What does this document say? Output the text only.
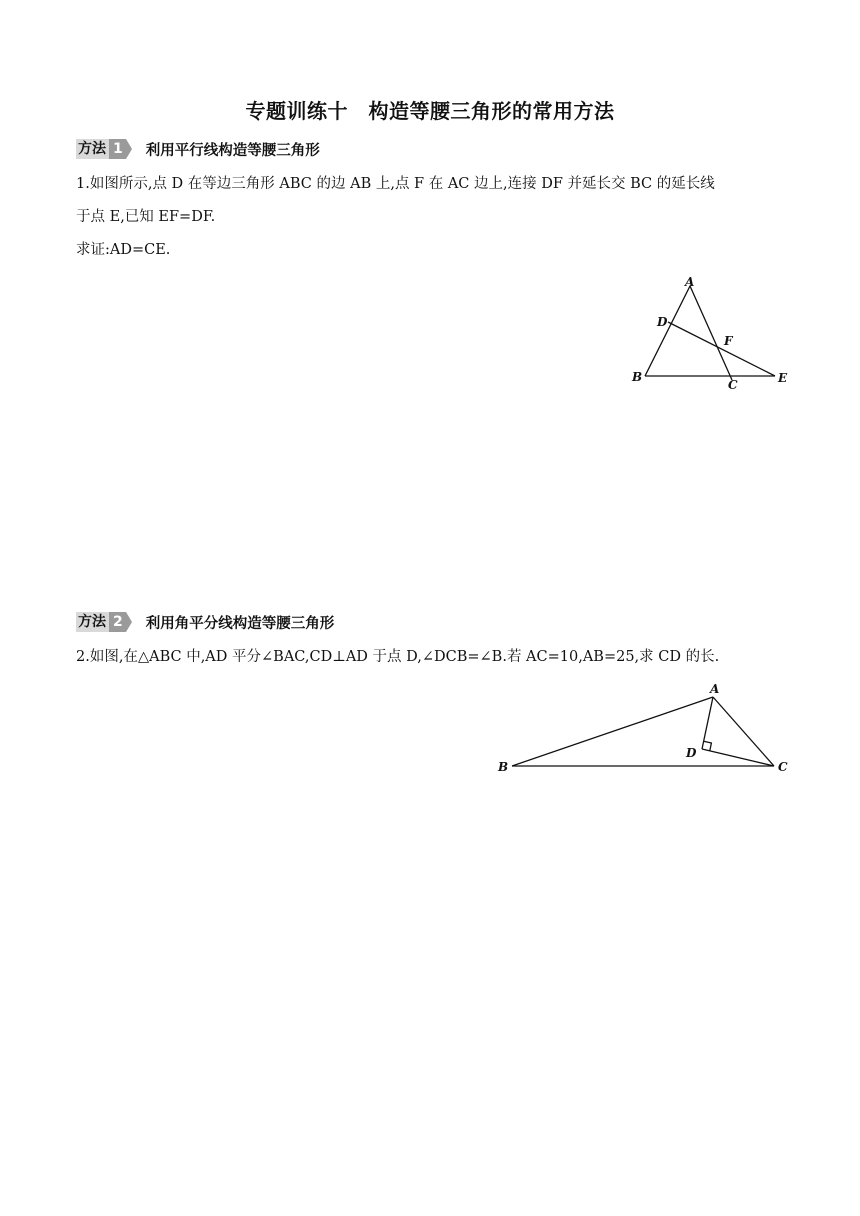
专题训练十　构造等腰三角形的常用方法
方法 1 利用平行线构造等腰三角形
1.如图所示,点 D 在等边三角形 ABC 的边 AB 上,点 F 在 AC 边上,连接 DF 并延长交 BC 的延长线
于点 E,已知 EF=DF.
求证:AD=CE.
A
D
F
B
C	E
方法 2 利用角平分线构造等腰三角形
2.如图,在△ABC 中,AD 平分∠BAC,CD⊥AD 于点 D,∠DCB=∠B.若 AC=10,AB=25,求 CD 的长.
A
B	C
D
